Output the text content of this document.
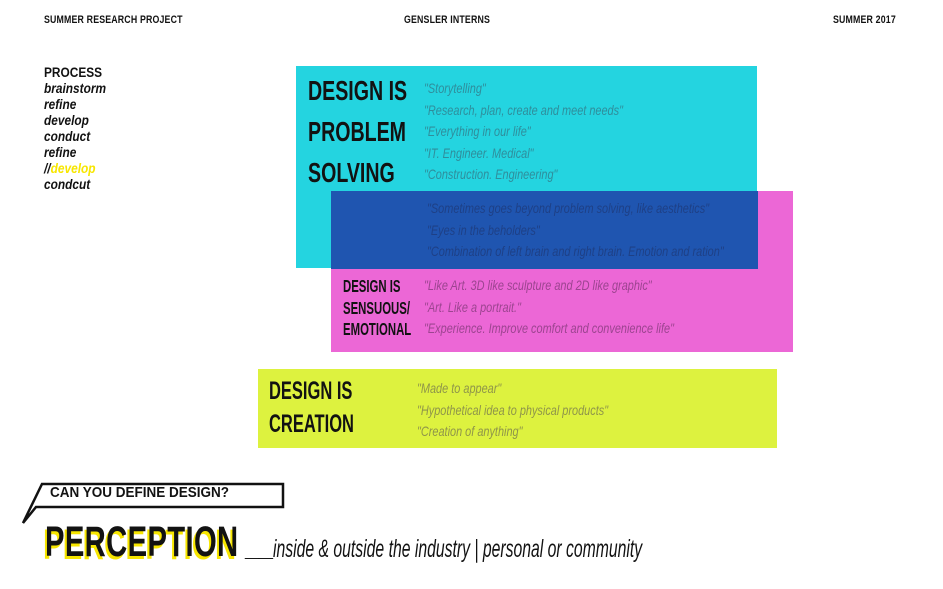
SUMMER RESEARCH PROJECT	GENSLER INTERNS	SUMMER 2017
PROCESS
brainstorm
refine
develop
conduct
refine
//develop
condcut
DESIGN IS
PROBLEM
SOLVING
DESIGN IS
SENSUOUS/
EMOTIONAL
DESIGN IS
CREATION
"Storytelling"
"Research, plan, create and meet needs"
"Everything in our life"
"IT. Engineer. Medical"
"Construction. Engineering"
"Sometimes goes beyond problem solving, like aesthetics"
"Eyes in the beholders"
"Combination of left brain and right brain. Emotion and ration"
"Like Art. 3D like sculpture and 2D like graphic"
"Art. Like a portrait."
"Experience. Improve comfort and convenience life"
"Made to appear"
"Hypothetical idea to physical products"
"Creation of anything"
CAN YOU DEFINE DESIGN?
PERCEPTION __ inside & outside the industry | personal or community
